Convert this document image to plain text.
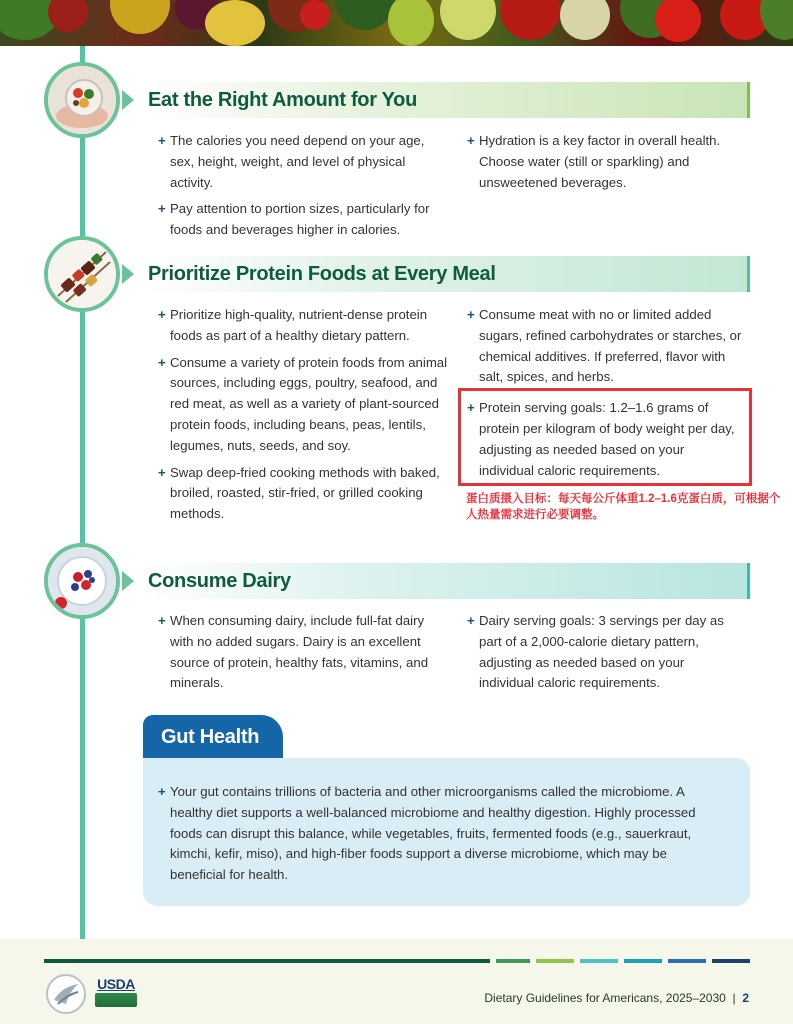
Eat the Right Amount for You
+ The calories you need depend on your age, sex, height, weight, and level of physical activity.
+ Pay attention to portion sizes, particularly for foods and beverages higher in calories.
+ Hydration is a key factor in overall health. Choose water (still or sparkling) and unsweetened beverages.
Prioritize Protein Foods at Every Meal
+ Prioritize high-quality, nutrient-dense protein foods as part of a healthy dietary pattern.
+ Consume a variety of protein foods from animal sources, including eggs, poultry, seafood, and red meat, as well as a variety of plant-sourced protein foods, including beans, peas, lentils, legumes, nuts, seeds, and soy.
+ Swap deep-fried cooking methods with baked, broiled, roasted, stir-fried, or grilled cooking methods.
+ Consume meat with no or limited added sugars, refined carbohydrates or starches, or chemical additives. If preferred, flavor with salt, spices, and herbs.
+ Protein serving goals: 1.2–1.6 grams of protein per kilogram of body weight per day, adjusting as needed based on your individual caloric requirements.
蛋白质摄入目标：每天每公斤体重1.2–1.6克蛋白质，可根据个人热量需求进行必要调整。
Consume Dairy
+ When consuming dairy, include full-fat dairy with no added sugars. Dairy is an excellent source of protein, healthy fats, vitamins, and minerals.
+ Dairy serving goals: 3 servings per day as part of a 2,000-calorie dietary pattern, adjusting as needed based on your individual caloric requirements.
Gut Health
+ Your gut contains trillions of bacteria and other microorganisms called the microbiome. A healthy diet supports a well-balanced microbiome and healthy digestion. Highly processed foods can disrupt this balance, while vegetables, fruits, fermented foods (e.g., sauerkraut, kimchi, kefir, miso), and high-fiber foods support a diverse microbiome, which may be beneficial for health.
USDA
Dietary Guidelines for Americans, 2025–2030 | 2
